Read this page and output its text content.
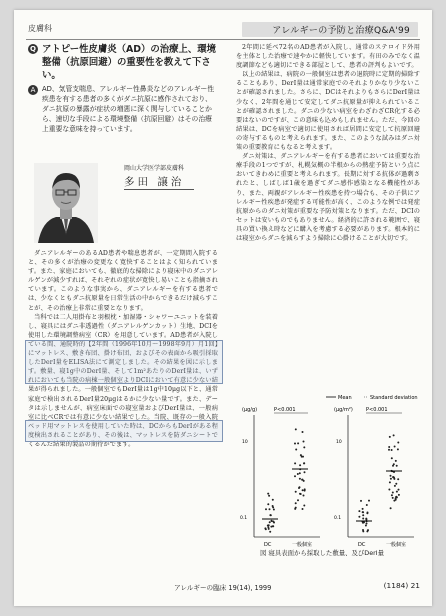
皮膚科	アレルギーの予防と治療Q&A'99
Q アトピー性皮膚炎（AD）の治療上、環境整備（抗原回避）の重要性を教えて下さい。
A AD、気管支喘息、アレルギー性鼻炎などのアレルギー性疾患を有する患者の多くがダニ抗原に感作されており、ダニ抗原の暴露が症状の増悪に深く関与していることから、速切な手段による環境整備（抗原回避）はその治療上重要な意味を持っています。
岡山大学医学部皮膚科
多田 譲治

ダニアレルギーのあるAD患者や喘息患者が、一定期間入院すると、その多くが治療の変更なく寛快することはよく知られています。また、家庭においても、徹底的な掃除により寝床中のダニアレルゲンが減少すれば、それぞれの症状が寛快し易いことも指摘されています。このような事実から、ダニアレルギーを有する患者では、少なくともダニ抗原量を日常生活の中からできるだけ減らすことが、その治療上非常に重要となります。

当科では二人用掛布と羽根枕・加湿器・シャワーユニットを装着し、寝具にはダニ非透過性（ダニアレルゲンカット）生地、DCIを使用した環境調整病室（CR）を用意しています。AD患者が入院している間、通院時的【2年間（1996年10月〜1998年9月）月1回】にマットレス、敷き布団、掛け布団、およびその表面から吸引採取したDerⅠ量をELISA法にて測定しました。その結果を図に示します。敷量、寝1g中のDerⅠ量、そして1m²あたりのDerⅠ量は、いずれにおいても当院の病棟一般個室よりDCIにおいて有意に少ない結果が得られました。一般個室でもDerⅠ量は1g中10μg以下と、通常家庭で検出されるDerⅠ量20μgはるかに少ない量です。また、データは示しませんが、病室床面での寝室量およびDerⅠ量は、一般病室に比べCRでは有意に少ない結果でした。当院、既存の一般入院ベッド用マットレスを使用していた時は、DCからもDerⅠがある程度検出されることがあり、その後は、マットレスを防ダニシートでくるんだ結果的製品の期待がでます。

2年間に延べ72名のAD患者が入院し、通常のステロイド外用を主体とした治療で速やかに軽快しています。有田のみでなく温度調節なども適切にできる部屋として、患者の評判もよいです。

以上の結果は、病院の一般個室は患者の退院時に定期的掃除することもあり、DerⅠ量は通常家庭でのそれよりかなり少ないことが確認されました。さらに、DCはそれよりもさらにDerⅠ量は少なく、2年間を通じて安定してダニ抗原量が抑えられていることが確認されました。ダニの少ない病室をわざわざCR化する必要はないのですが、この意味も込めもしれません。ただ、今回の結果は、DCを病室で適切に使用されば居間に安定して抗原回避の寄与するものと考えられます。また、このような試みはダニ対策の重要教育にもなると考えます。

ダニ対策は、ダニアレルギーを有する患者においては重要な治療手段の1つですが、札幌気概の半根からの熱症予防という点においてきわめに重要と考えられます。長期に対する抗体が過剰されたと、しばしば1歳を過ぎてダニ感作感染となる機能性があり、また、両親がアレルギー性疾患を持つ場合も、その子供にアレルギー性疾患が発症する可能性が高く、このような例では発症抗原からのダニ対策が重要な予防対策となります。ただ、DCIのセットは安いものでもありません。経済的に許される範囲で、寝具の買い換え時などに購入を考慮する必要があります。根本的には寝室からダニを減らすよう掃除に心掛けることが大切です。

Mean	Standard deviation
(μg/g)	P<0.001
10
0.1
DC	一般個室
(μg/m²)	P<0.001
10
0.1
DC	一般個室
図 寝具表面から採取した敷量、及びDerⅠ量
アレルギーの臨床 19(14), 1999	(1184) 21
